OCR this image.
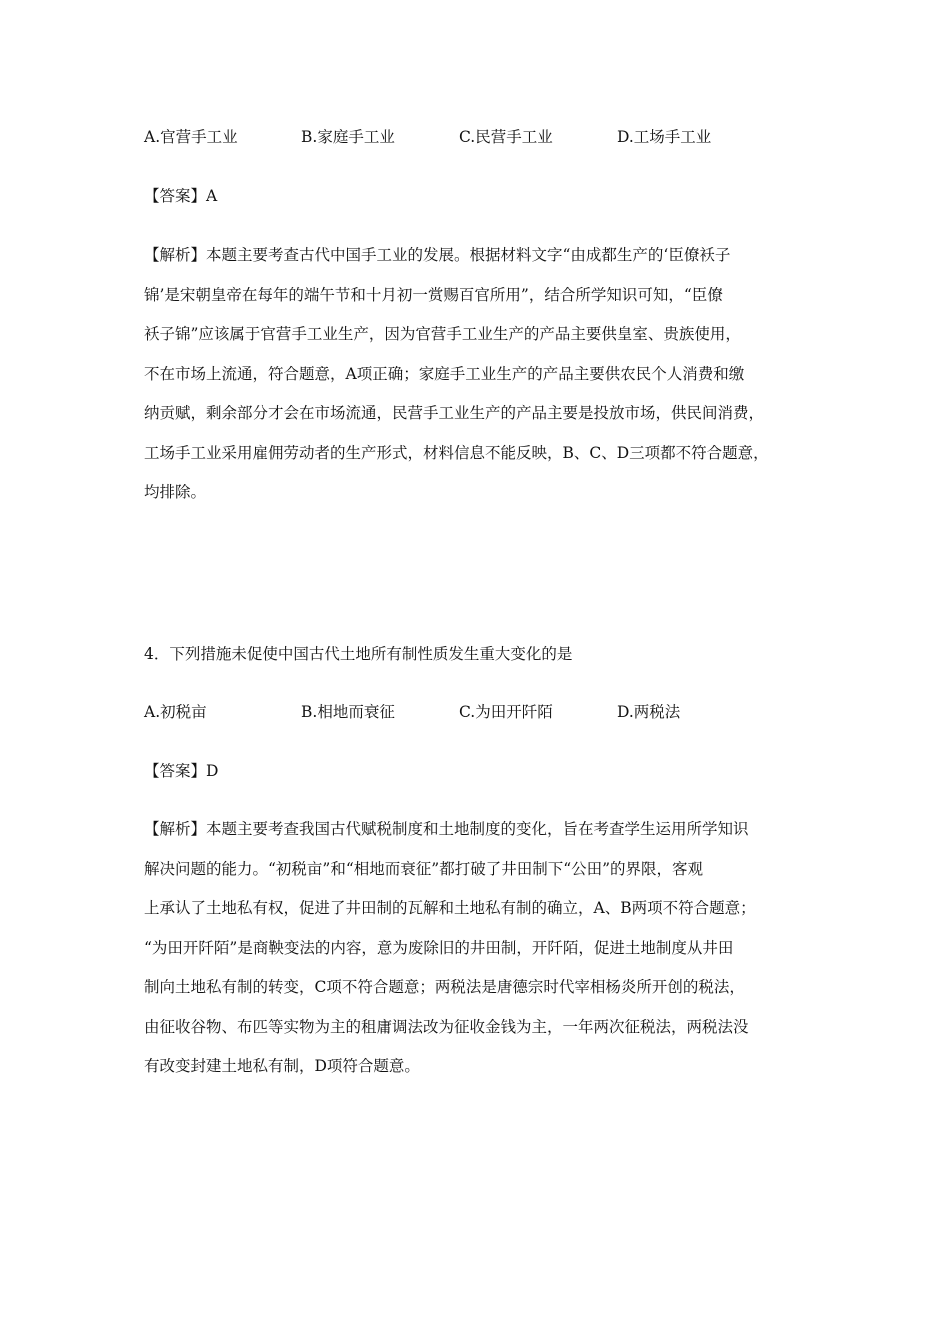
A.官营手工业	B.家庭手工业	C.民营手工业	D.工场手工业
【答案】A
【解析】本题主要考查古代中国手工业的发展。根据材料文字“由成都生产的‘臣僚袄子
锦’是宋朝皇帝在每年的端午节和十月初一赏赐百官所用”，结合所学知识可知，“臣僚
袄子锦”应该属于官营手工业生产，因为官营手工业生产的产品主要供皇室、贵族使用，
不在市场上流通，符合题意，A项正确；家庭手工业生产的产品主要供农民个人消费和缴
纳贡赋，剩余部分才会在市场流通，民营手工业生产的产品主要是投放市场，供民间消费，
工场手工业采用雇佣劳动者的生产形式，材料信息不能反映，B、C、D三项都不符合题意，
均排除。
4．下列措施未促使中国古代土地所有制性质发生重大变化的是
A.初税亩	B.相地而衰征	C.为田开阡陌	D.两税法
【答案】D
【解析】本题主要考查我国古代赋税制度和土地制度的变化，旨在考查学生运用所学知识
解决问题的能力。“初税亩”和“相地而衰征”都打破了井田制下“公田”的界限，客观
上承认了土地私有权，促进了井田制的瓦解和土地私有制的确立，A、B两项不符合题意；
“为田开阡陌”是商鞅变法的内容，意为废除旧的井田制，开阡陌，促进土地制度从井田
制向土地私有制的转变，C项不符合题意；两税法是唐德宗时代宰相杨炎所开创的税法，
由征收谷物、布匹等实物为主的租庸调法改为征收金钱为主，一年两次征税法，两税法没
有改变封建土地私有制，D项符合题意。
